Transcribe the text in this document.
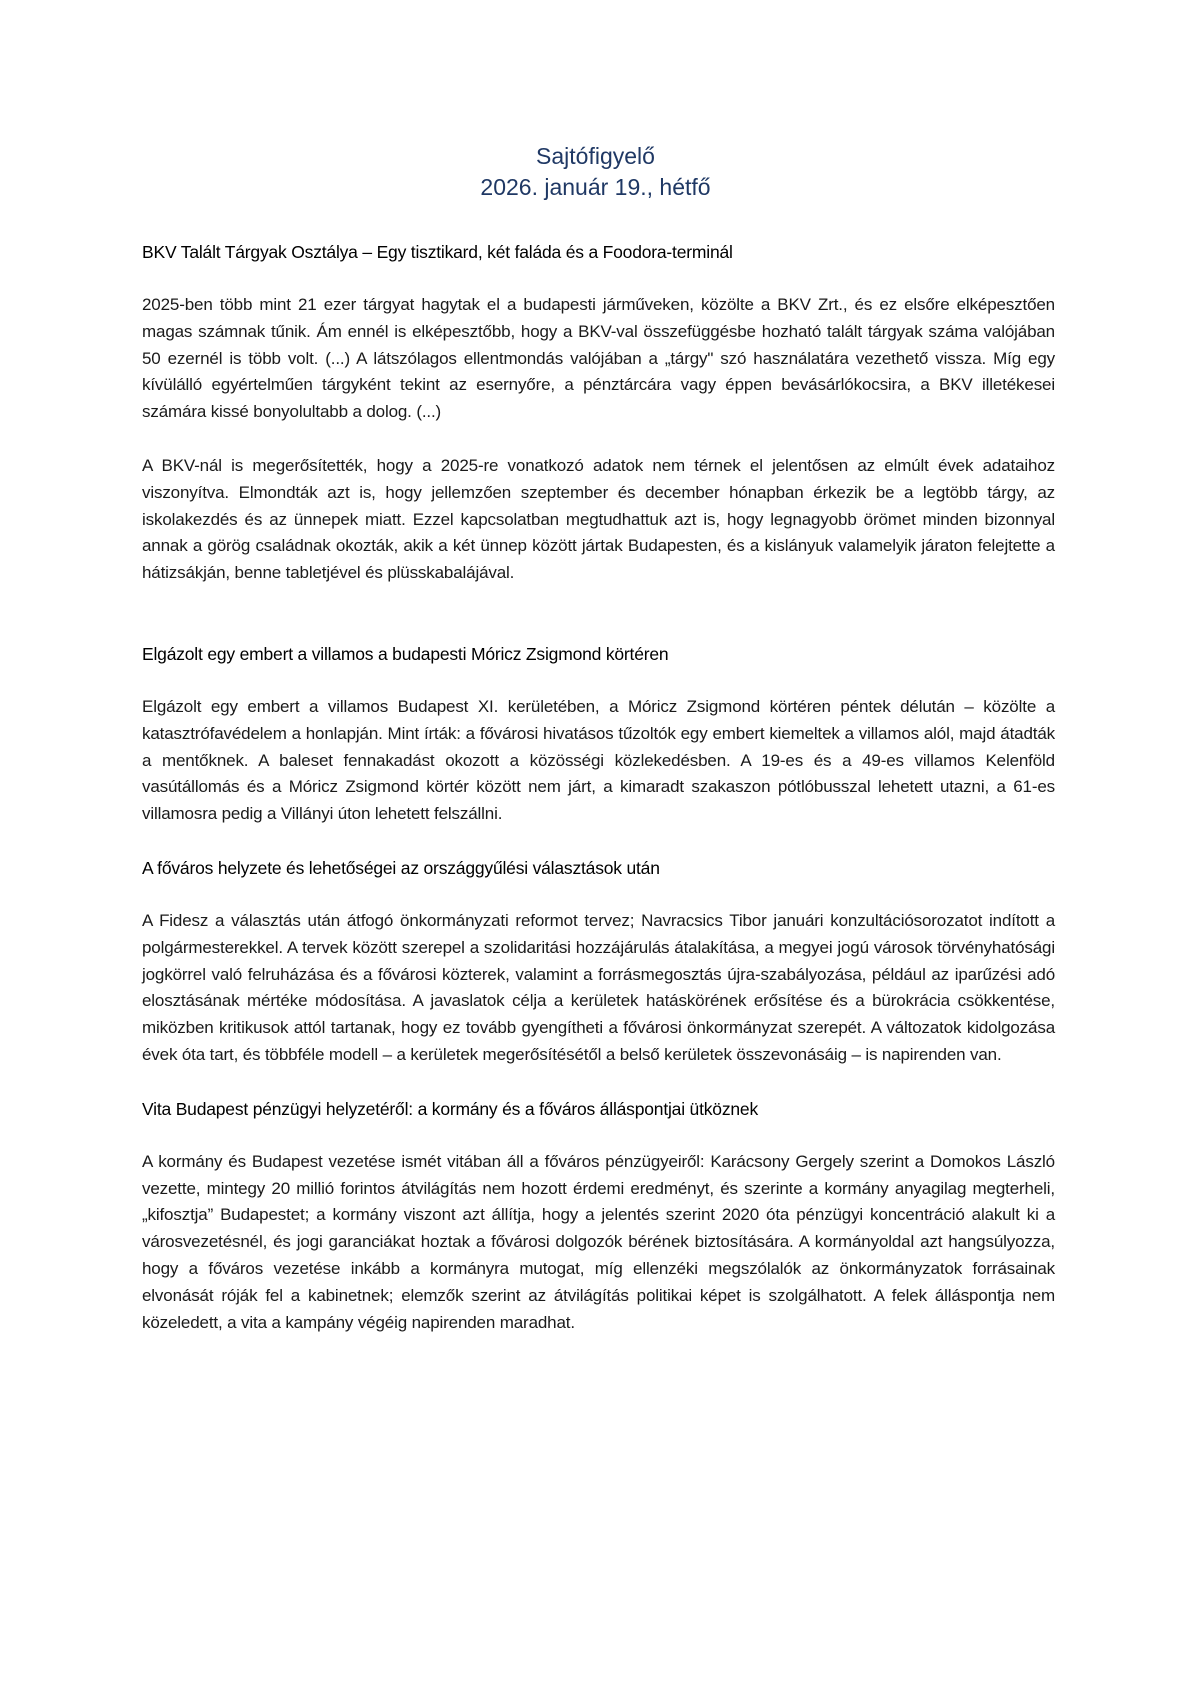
Sajtófigyelő
2026. január 19., hétfő
BKV Talált Tárgyak Osztálya – Egy tisztikard, két faláda és a Foodora-terminál

2025-ben több mint 21 ezer tárgyat hagytak el a budapesti járműveken, közölte a BKV Zrt., és ez elsőre elképesztően magas számnak tűnik. Ám ennél is elképesztőbb, hogy a BKV-val összefüggésbe hozható talált tárgyak száma valójában 50 ezernél is több volt. (...) A látszólagos ellentmondás valójában a „tárgy" szó használatára vezethető vissza. Míg egy kívülálló egyértelműen tárgyként tekint az esernyőre, a pénztárcára vagy éppen bevásárlókocsira, a BKV illetékesei számára kissé bonyolultabb a dolog. (...)

A BKV-nál is megerősítették, hogy a 2025-re vonatkozó adatok nem térnek el jelentősen az elmúlt évek adataihoz viszonyítva. Elmondták azt is, hogy jellemzően szeptember és december hónapban érkezik be a legtöbb tárgy, az iskolakezdés és az ünnepek miatt. Ezzel kapcsolatban megtudhattuk azt is, hogy legnagyobb örömet minden bizonnyal annak a görög családnak okozták, akik a két ünnep között jártak Budapesten, és a kislányuk valamelyik járaton felejtette a hátizsákján, benne tabletjével és plüsskabalájával.

Elgázolt egy embert a villamos a budapesti Móricz Zsigmond körtéren

Elgázolt egy embert a villamos Budapest XI. kerületében, a Móricz Zsigmond körtéren péntek délután – közölte a katasztrófavédelem a honlapján. Mint írták: a fővárosi hivatásos tűzoltók egy embert kiemeltek a villamos alól, majd átadták a mentőknek. A baleset fennakadást okozott a közösségi közlekedésben. A 19-es és a 49-es villamos Kelenföld vasútállomás és a Móricz Zsigmond körtér között nem járt, a kimaradt szakaszon pótlóbusszal lehetett utazni, a 61-es villamosra pedig a Villányi úton lehetett felszállni.

A főváros helyzete és lehetőségei az országgyűlési választások után

A Fidesz a választás után átfogó önkormányzati reformot tervez; Navracsics Tibor januári konzultációsorozatot indított a polgármesterekkel. A tervek között szerepel a szolidaritási hozzájárulás átalakítása, a megyei jogú városok törvényhatósági jogkörrel való felruházása és a fővárosi közterek, valamint a forrásmegosztás újra-szabályozása, például az iparűzési adó elosztásának mértéke módosítása. A javaslatok célja a kerületek hatáskörének erősítése és a bürokrácia csökkentése, miközben kritikusok attól tartanak, hogy ez tovább gyengítheti a fővárosi önkormányzat szerepét. A változatok kidolgozása évek óta tart, és többféle modell – a kerületek megerősítésétől a belső kerületek összevonásáig – is napirenden van.

Vita Budapest pénzügyi helyzetéről: a kormány és a főváros álláspontjai ütköznek

A kormány és Budapest vezetése ismét vitában áll a főváros pénzügyeiről: Karácsony Gergely szerint a Domokos László vezette, mintegy 20 millió forintos átvilágítás nem hozott érdemi eredményt, és szerinte a kormány anyagilag megterheli, „kifosztja” Budapestet; a kormány viszont azt állítja, hogy a jelentés szerint 2020 óta pénzügyi koncentráció alakult ki a városvezetésnél, és jogi garanciákat hoztak a fővárosi dolgozók bérének biztosítására. A kormányoldal azt hangsúlyozza, hogy a főváros vezetése inkább a kormányra mutogat, míg ellenzéki megszólalók az önkormányzatok forrásainak elvonását róják fel a kabinetnek; elemzők szerint az átvilágítás politikai képet is szolgálhatott. A felek álláspontja nem közeledett, a vita a kampány végéig napirenden maradhat.
